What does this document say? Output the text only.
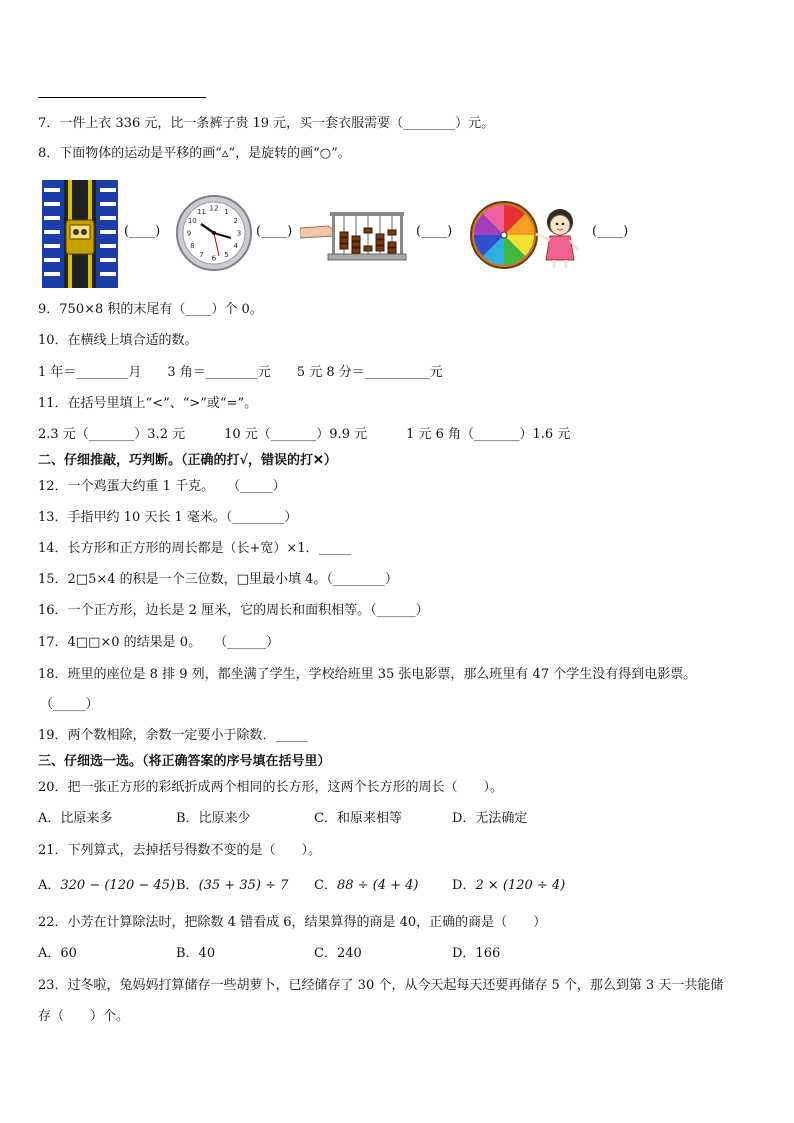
7．一件上衣 336 元，比一条裤子贵 19 元，买一套衣服需要（________）元。
8．下面物体的运动是平移的画“▵”，是旋转的画“○”。
(____)
12 1
2
3
4
5
6
7
8
9
10
11
(____)	(____)	(____)
9．750×8 积的末尾有（____）个 0。
10．在横线上填合适的数。
1 年＝________月　　3 角＝________元　　5 元 8 分＝__________元
11．在括号里填上“<”、“>”或“=”。
2.3 元（_______）3.2 元　　　10 元（_______）9.9 元　　　1 元 6 角（_______）1.6 元
二、仔细推敲，巧判断。（正确的打√，错误的打✕）
12．一个鸡蛋大约重 1 千克。　　（_____）
13．手指甲约 10 天长 1 毫米。（________）
14．长方形和正方形的周长都是（长+宽）×1．_____
15．2□5×4 的积是一个三位数，□里最小填 4。（________）
16．一个正方形，边长是 2 厘米，它的周长和面积相等。（______）
17．4□□×0 的结果是 0。　　（______）
18．班里的座位是 8 排 9 列，都坐满了学生，学校给班里 35 张电影票，那么班里有 47 个学生没有得到电影票。
（_____）
19．两个数相除，余数一定要小于除数．_____
三、仔细选一选。（将正确答案的序号填在括号里）
20．把一张正方形的彩纸折成两个相同的长方形，这两个长方形的周长（　　）。
A．比原来多	B．比原来少	C．和原来相等	D．无法确定
21．下列算式，去掉括号得数不变的是（　　）。
A．320 − (120 − 45) B．(35 + 35) ÷ 7 C．88 ÷ (4 + 4)	D．2 × (120 ÷ 4)
22．小芳在计算除法时，把除数 4 错看成 6，结果算得的商是 40，正确的商是（　　）
A．60	B．40	C．240	D．166
23．过冬啦，兔妈妈打算储存一些胡萝卜，已经储存了 30 个，从今天起每天还要再储存 5 个，那么到第 3 天一共能储
存（　　）个。
